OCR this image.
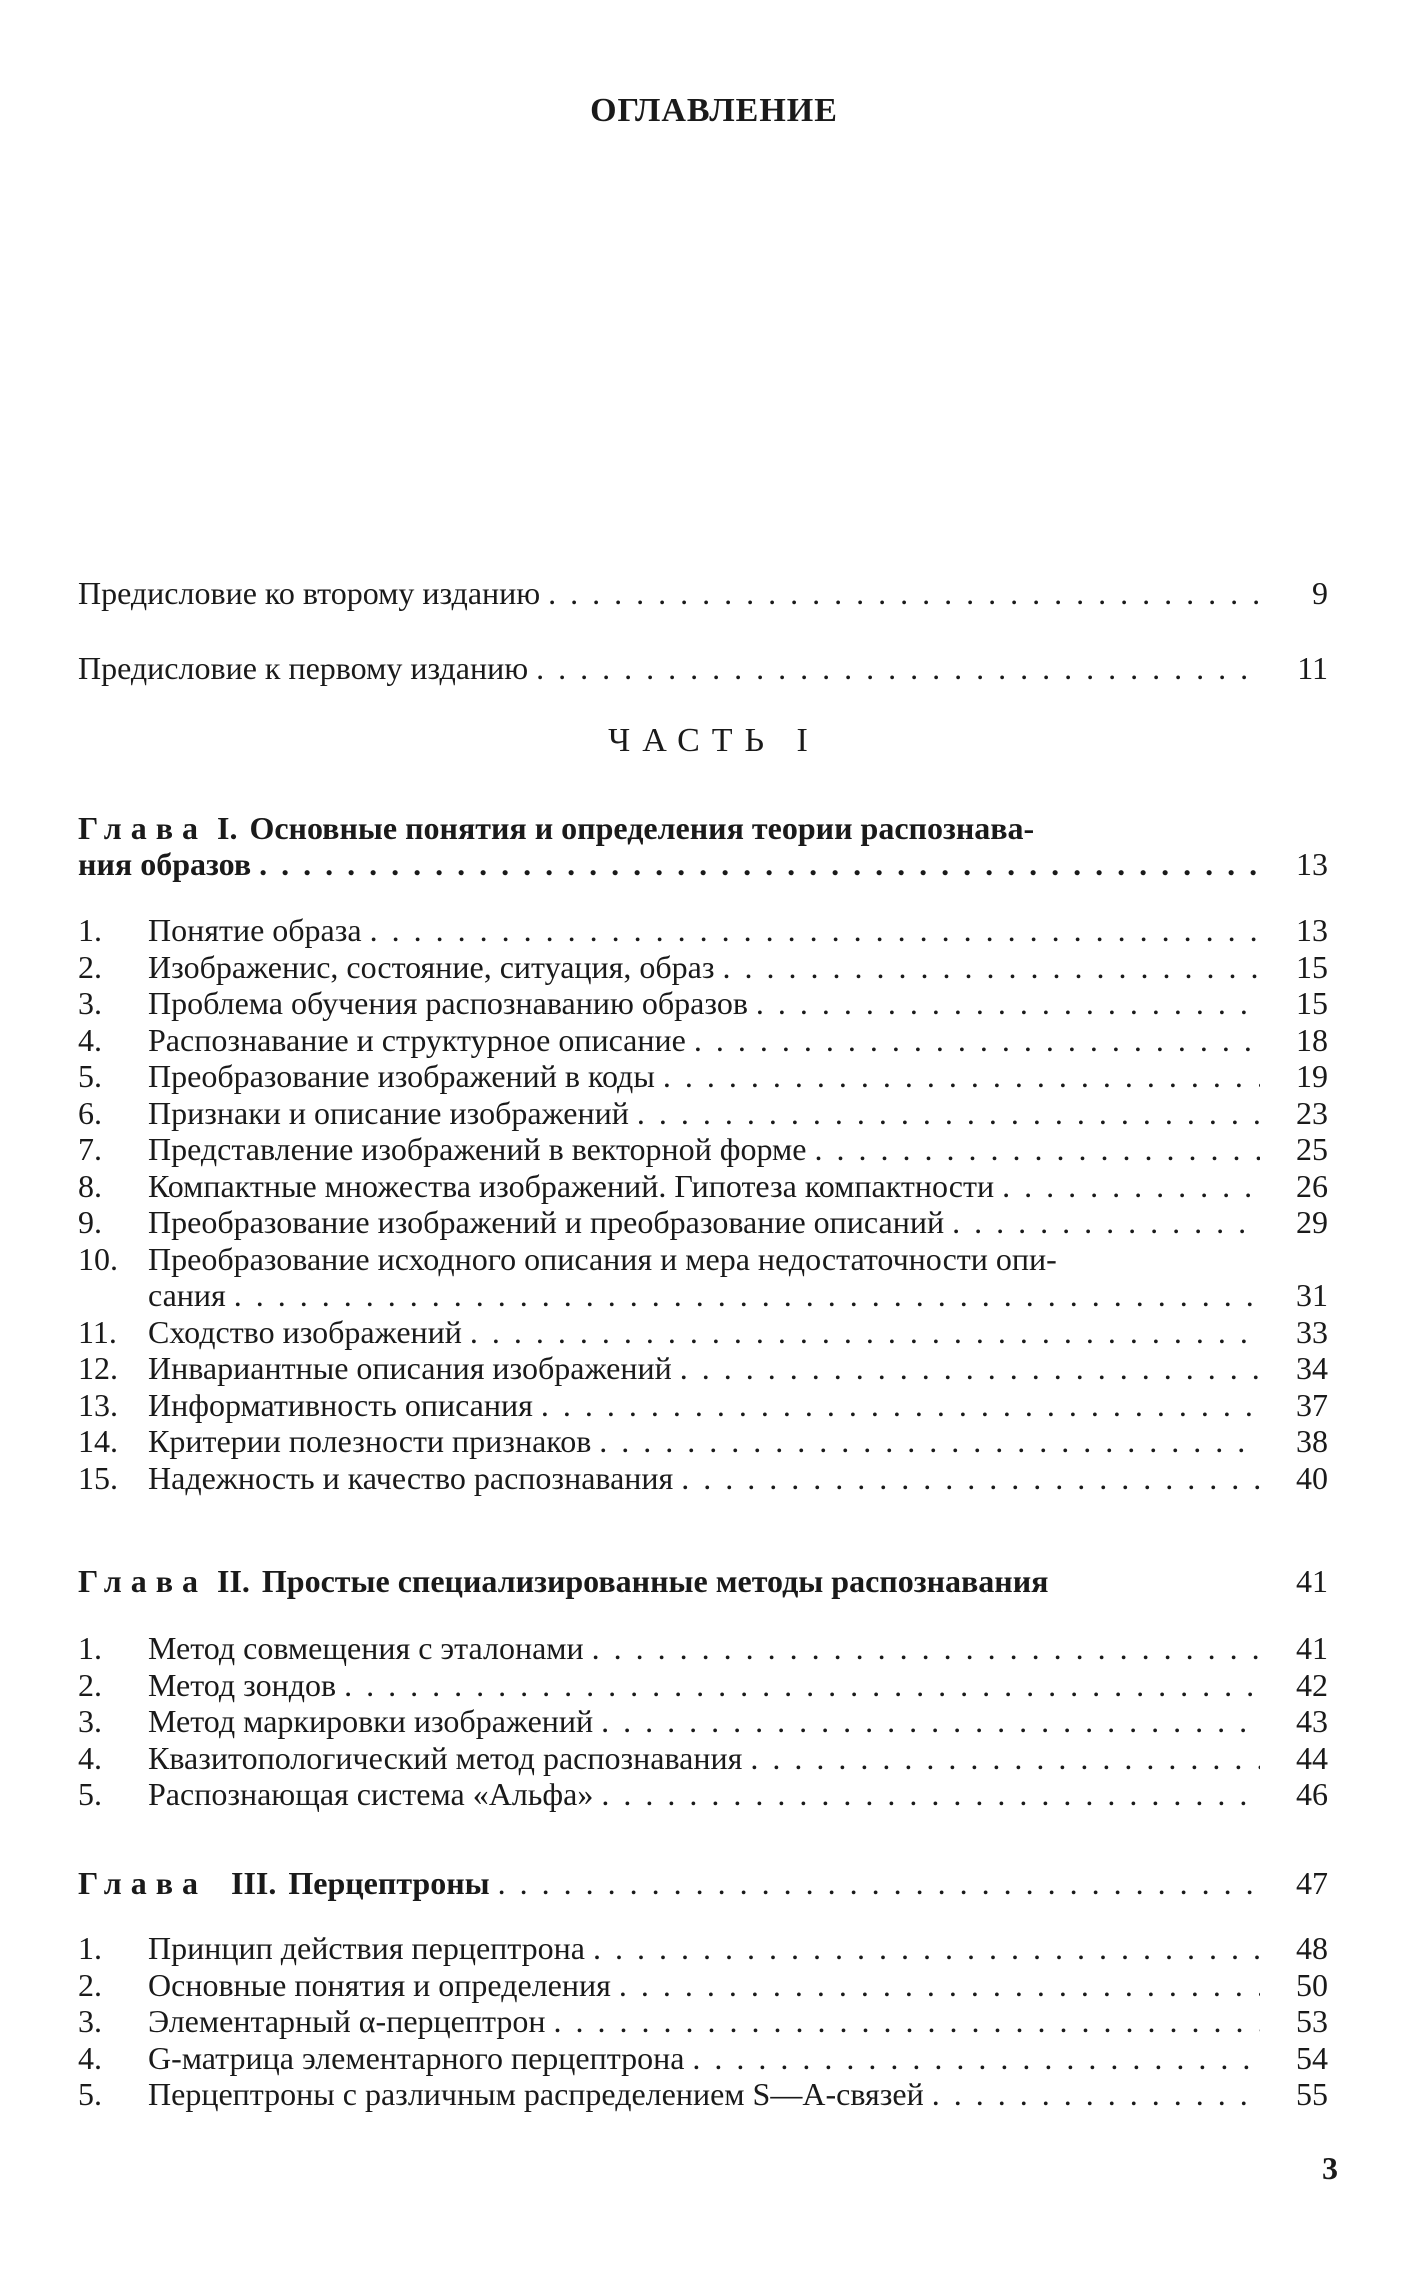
ОГЛАВЛЕНИЕ
Предисловие ко второму изданию . . .	9
Предисловие к первому изданию . . .	11
ЧАСТЬ I
Глава I. Основные понятия и определения теории распознава-
ния образов . . .	13
1.	Понятие образа . . .	13
2.	Изображенис, состояние, ситуация, образ . . .	15
3.	Проблема обучения распознаванию образов . . .	15
4.	Распознавание и структурное описание . . .	18
5.	Преобразование изображений в коды . . .	19
6.	Признаки и описание изображений . . .	23
7.	Представление изображений в векторной форме . . .	25
8.	Компактные множества изображений. Гипотеза компактности . . .	26
9.	Преобразование изображений и преобразование описаний . . .	29
10. Преобразование исходного описания и мера недостаточности опи-
сания . . .	31
11. Сходство изображений . . .	33
12. Инвариантные описания изображений . . .	34
13. Информативность описания . . .	37
14. Критерии полезности признаков . . .	38
15. Надежность и качество распознавания . . .	40
Глава II. Простые специализированные методы распознавания	41
1.	Метод совмещения с эталонами . . .	41
2.	Метод зондов . . .	42
3.	Метод маркировки изображений . . .	43
4.	Квазитопологический метод распознавания . . .	44
5.	Распознающая система «Альфа» . . .	46
Глава III. Перцептроны . . .	47
1.	Принцип действия перцептрона . . .	48
2.	Основные понятия и определения . . .	50
3.	Элементарный α-перцептрон . . .	53
4.	G-матрица элементарного перцептрона . . .	54
5.	Перцептроны с различным распределением S—A-связей . . .	55
3
